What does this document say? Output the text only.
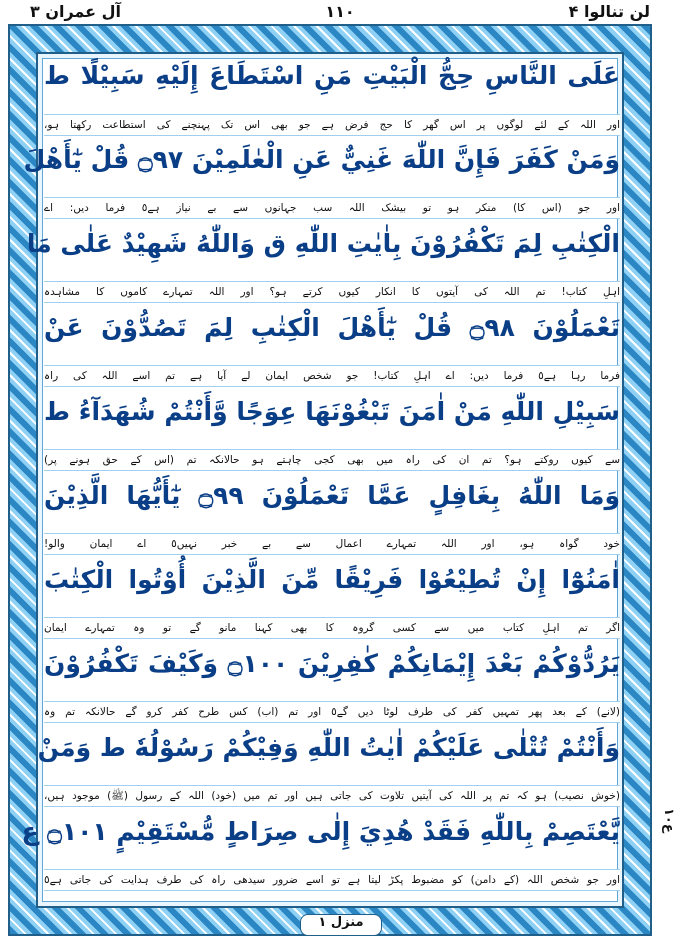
لن تنالوا ۴
١١٠
آل عمران ۳
عَلَى النَّاسِ حِجُّ الْبَيْتِ مَنِ اسْتَطَاعَ إِلَيْهِ سَبِيْلًا ط
اور اللہ کے لئے لوگوں پر اس گھر کا حج فرض ہے جو بھی اس تک پہنچنے کی استطاعت رکھتا ہو،
وَمَنْ كَفَرَ فَإِنَّ اللّٰهَ غَنِيٌّ عَنِ الْعٰلَمِيْنَ ۝٩٧ قُلْ يٰٓأَهْلَ
اور جو (اس کا) منکر ہو تو بیشک اللہ سب جہانوں سے بے نیاز ہے٥ فرما دیں: اے
الْكِتٰبِ لِمَ تَكْفُرُوْنَ بِاٰيٰتِ اللّٰهِ ق وَاللّٰهُ شَهِيْدٌ عَلٰى مَا
اہلِ کتاب! تم اللہ کی آیتوں کا انکار کیوں کرتے ہو؟ اور اللہ تمہارے کاموں کا مشاہدہ
تَعْمَلُوْنَ ۝٩٨ قُلْ يٰٓأَهْلَ الْكِتٰبِ لِمَ تَصُدُّوْنَ عَنْ
فرما رہا ہے٥ فرما دیں: اے اہلِ کتاب! جو شخص ایمان لے آیا ہے تم اسے اللہ کی راہ
سَبِيْلِ اللّٰهِ مَنْ اٰمَنَ تَبْغُوْنَهَا عِوَجًا وَّأَنْتُمْ شُهَدَآءُ ط
سے کیوں روکتے ہو؟ تم ان کی راہ میں بھی کجی چاہتے ہو حالانکہ تم (اس کے حق ہونے پر)
وَمَا اللّٰهُ بِغَافِلٍ عَمَّا تَعْمَلُوْنَ ۝٩٩ يٰٓأَيُّهَا الَّذِيْنَ
خود گواہ ہو، اور اللہ تمہارے اعمال سے بے خبر نہیں٥ اے ایمان والو!
اٰمَنُوْٓا إِنْ تُطِيْعُوْا فَرِيْقًا مِّنَ الَّذِيْنَ أُوْتُوا الْكِتٰبَ
اگر تم اہلِ کتاب میں سے کسی گروہ کا بھی کہنا مانو گے تو وہ تمہارے ایمان
يَرُدُّوْكُمْ بَعْدَ إِيْمَانِكُمْ كٰفِرِيْنَ ۝١٠٠ وَكَيْفَ تَكْفُرُوْنَ
(لانے) کے بعد پھر تمہیں کفر کی طرف لوٹا دیں گے٥ اور تم (اب) کس طرح کفر کرو گے حالانکہ تم وہ
وَأَنْتُمْ تُتْلٰى عَلَيْكُمْ اٰيٰتُ اللّٰهِ وَفِيْكُمْ رَسُوْلُهٗ ط وَمَنْ
(خوش نصیب) ہو کہ تم پر اللہ کی آیتیں تلاوت کی جاتی ہیں اور تم میں (خود) اللہ کے رسول (ﷺ) موجود ہیں،
يَّعْتَصِمْ بِاللّٰهِ فَقَدْ هُدِيَ إِلٰى صِرَاطٍ مُّسْتَقِيْمٍ ۝١٠١ ع
اور جو شخص اللہ (کے دامن) کو مضبوط پکڑ لیتا ہے تو اسے ضرور سیدھی راہ کی طرف ہدایت کی جاتی ہے٥
ع۱۰
منزل ۱
